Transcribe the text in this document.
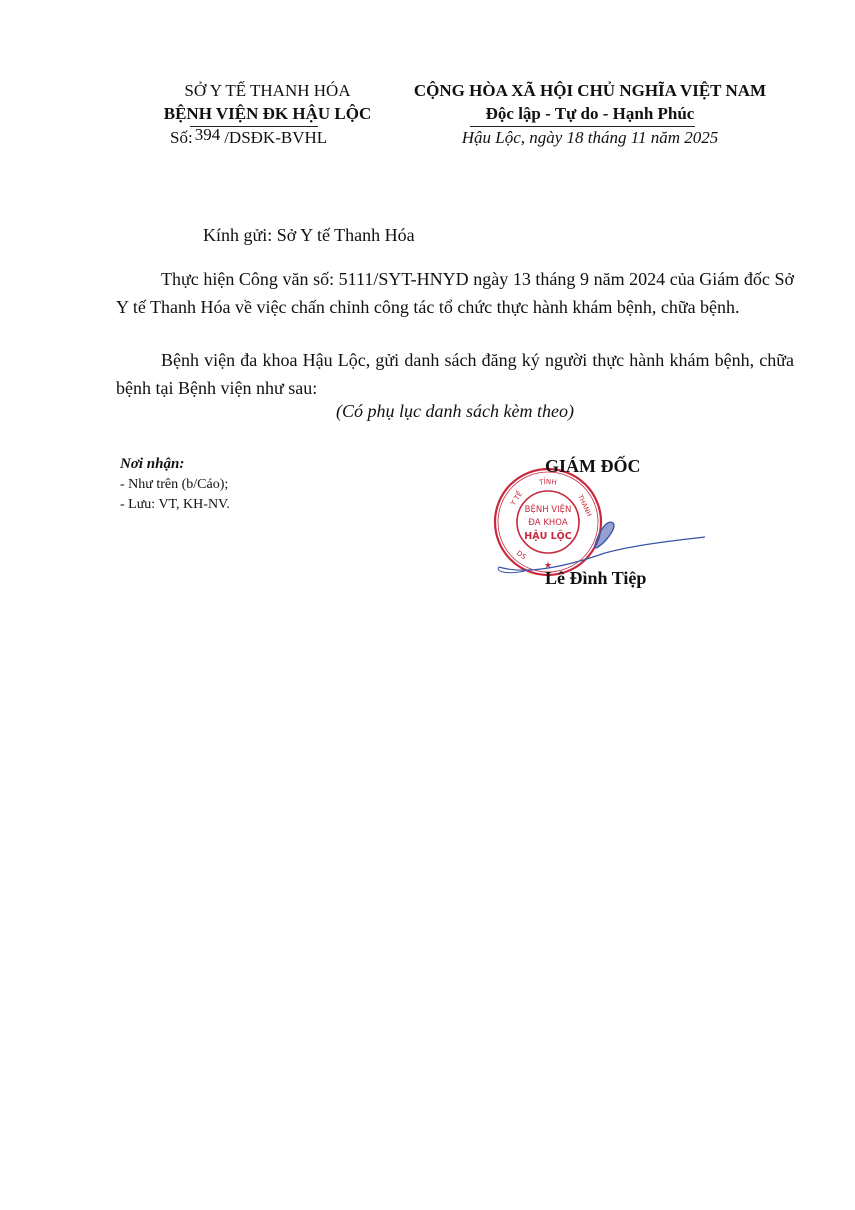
SỞ Y TẾ THANH HÓA
BỆNH VIỆN ĐK HẬU LỘC
Số: 394 /DSĐK-BVHL
CỘNG HÒA XÃ HỘI CHỦ NGHĨA VIỆT NAM
Độc lập - Tự do - Hạnh Phúc
Hậu Lộc, ngày 18 tháng 11 năm 2025
Kính gửi: Sở Y tế Thanh Hóa
Thực hiện Công văn số: 5111/SYT-HNYD ngày 13 tháng 9 năm 2024 của Giám đốc Sở Y tế Thanh Hóa về việc chấn chỉnh công tác tổ chức thực hành khám bệnh, chữa bệnh.
Bệnh viện đa khoa Hậu Lộc, gửi danh sách đăng ký người thực hành khám bệnh, chữa bệnh tại Bệnh viện như sau:
(Có phụ lục danh sách kèm theo)
Nơi nhận:
- Như trên (b/Cáo);
- Lưu: VT, KH-NV.
TỈNH
Y TẾ	THANH
DS
★
BỆNH VIỆN
ĐA KHOA
HẬU LỘC
GIÁM ĐỐC
Lê Đình Tiệp
